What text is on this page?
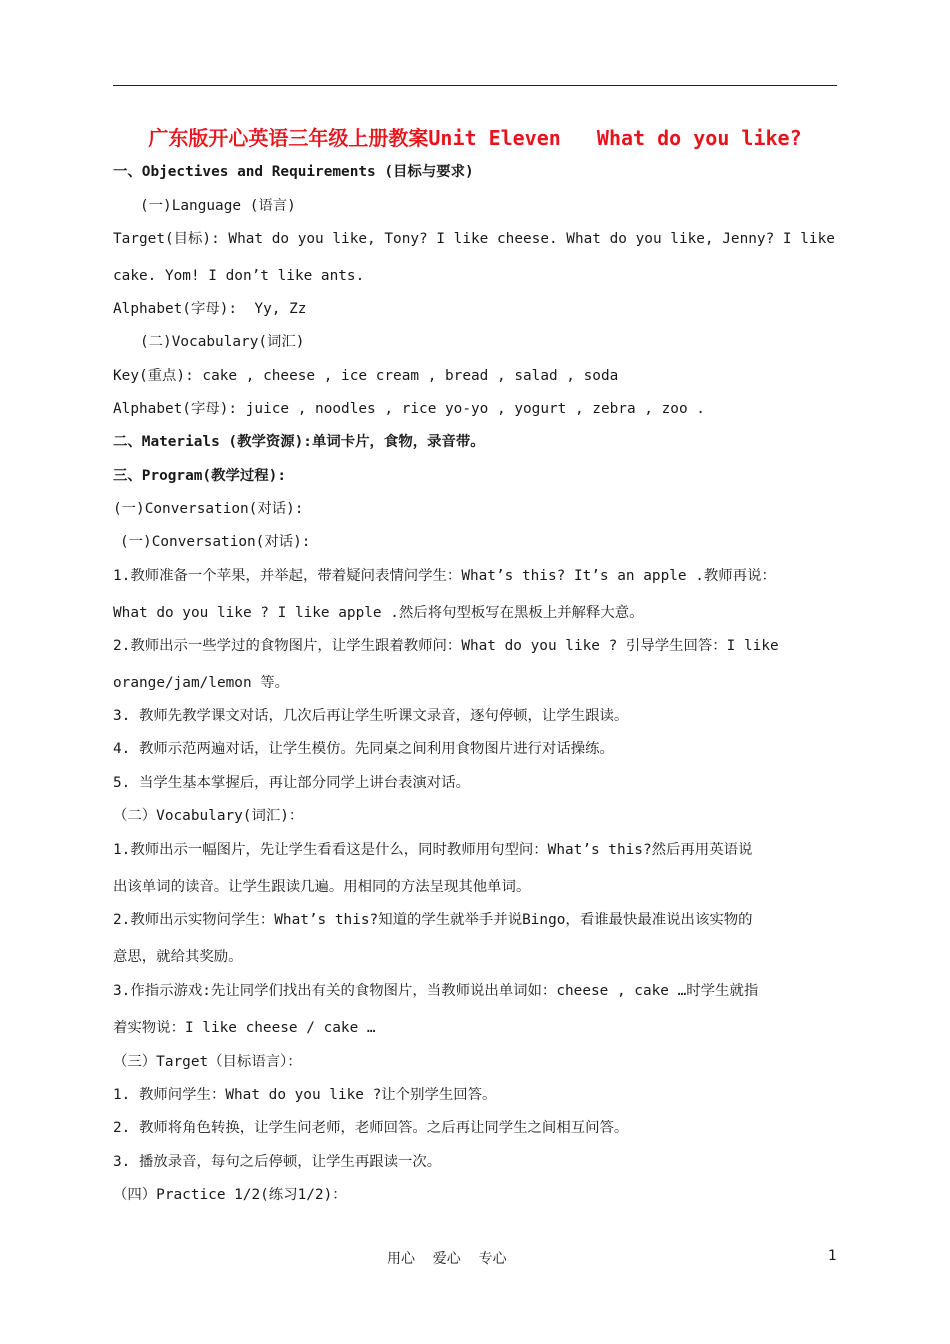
广东版开心英语三年级上册教案Unit Eleven   What do you like?
一、Objectives and Requirements (目标与要求)
(一)Language (语言)
Target(目标): What do you like, Tony? I like cheese. What do you like, Jenny? I like
cake. Yom! I don’t like ants.
Alphabet(字母):  Yy, Zz
(二)Vocabulary(词汇)
Key(重点): cake , cheese , ice cream , bread , salad , soda
Alphabet(字母): juice , noodles , rice yo-yo , yogurt , zebra , zoo .
二、Materials (教学资源):单词卡片，食物，录音带。
三、Program(教学过程):
(一)Conversation(对话):
(一)Conversation(对话):
1.教师准备一个苹果，并举起，带着疑问表情问学生：What’s this? It’s an apple .教师再说：
What do you like ? I like apple .然后将句型板写在黑板上并解释大意。
2.教师出示一些学过的食物图片，让学生跟着教师问：What do you like ? 引导学生回答：I like
orange/jam/lemon 等。
3. 教师先教学课文对话，几次后再让学生听课文录音，逐句停顿，让学生跟读。
4. 教师示范两遍对话，让学生模仿。先同桌之间利用食物图片进行对话操练。
5. 当学生基本掌握后，再让部分同学上讲台表演对话。
（二）Vocabulary(词汇)：
1.教师出示一幅图片，先让学生看看这是什么，同时教师用句型问：What’s this?然后再用英语说
出该单词的读音。让学生跟读几遍。用相同的方法呈现其他单词。
2.教师出示实物问学生：What’s this?知道的学生就举手并说Bingo，看谁最快最准说出该实物的
意思，就给其奖励。
3.作指示游戏:先让同学们找出有关的食物图片，当教师说出单词如：cheese , cake …时学生就指
着实物说：I like cheese / cake …
（三）Target（目标语言）：
1. 教师问学生：What do you like ?让个别学生回答。
2. 教师将角色转换，让学生问老师，老师回答。之后再让同学生之间相互问答。
3. 播放录音，每句之后停顿，让学生再跟读一次。
（四）Practice 1/2(练习1/2)：
用心    爱心    专心	1
